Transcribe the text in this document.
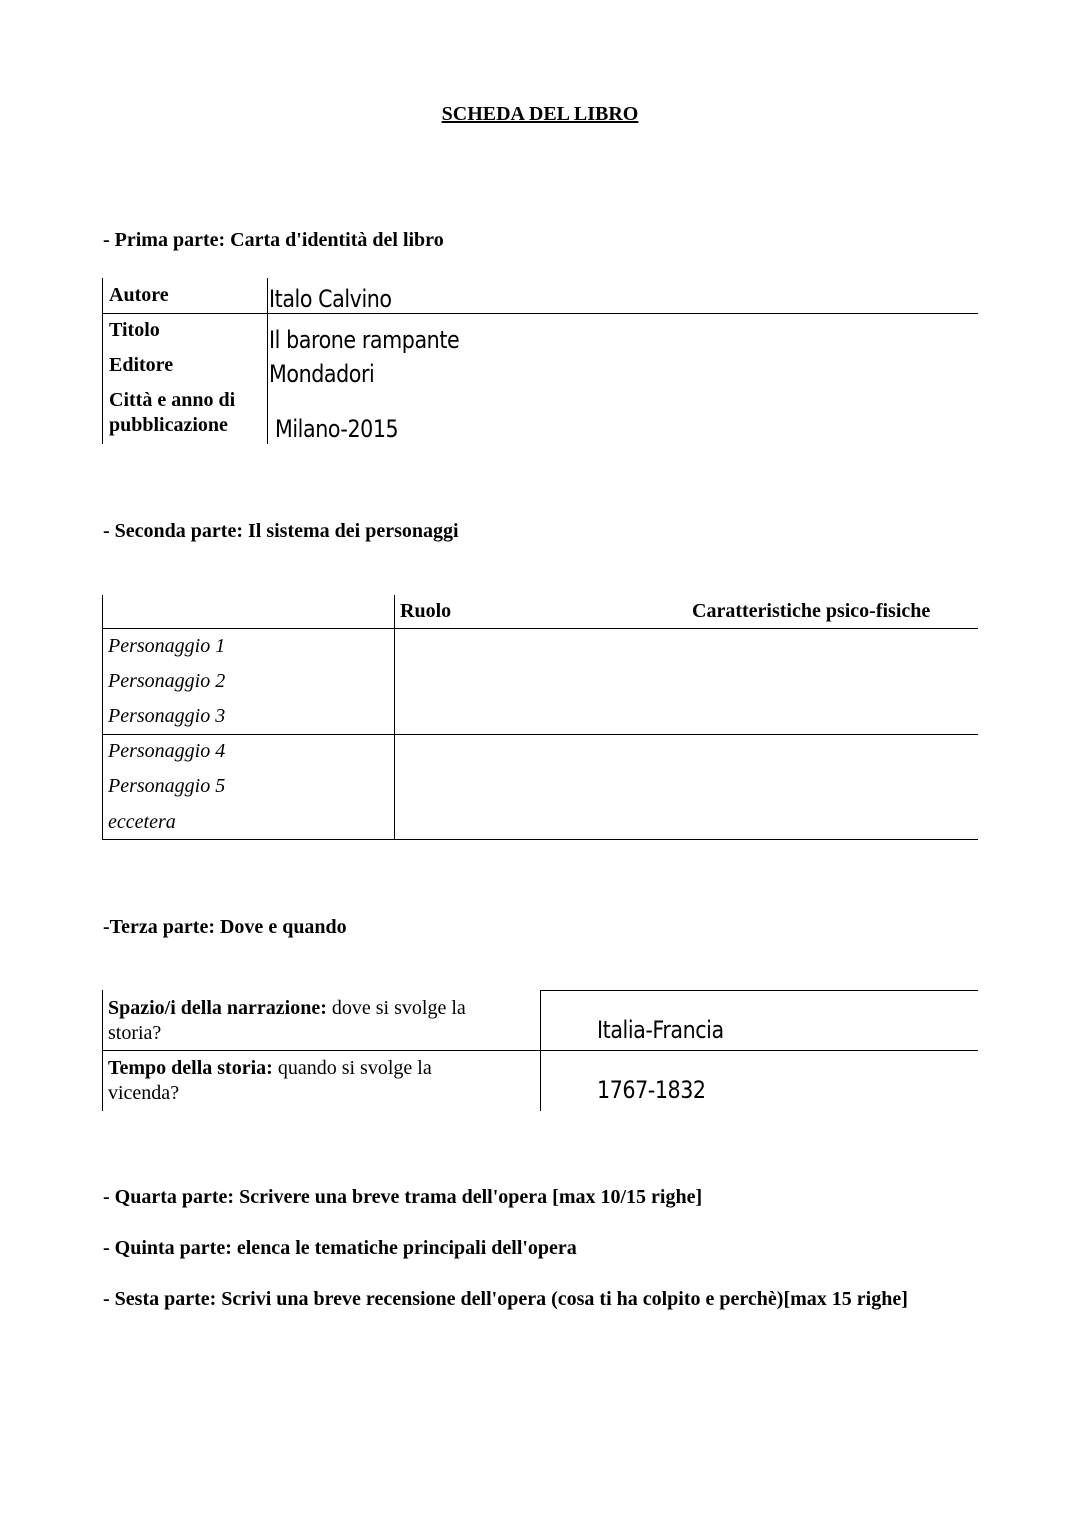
SCHEDA DEL LIBRO
- Prima parte: Carta d'identità del libro
Autore	Italo Calvino
Titolo	Il barone rampante
Editore	Mondadori
Città e anno di
pubblicazione Milano-2015
- Seconda parte: Il sistema dei personaggi
Ruolo	Caratteristiche psico-fisiche
Personaggio 1
Personaggio 2
Personaggio 3
Personaggio 4
Personaggio 5
eccetera
-Terza parte: Dove e quando
Spazio/i della narrazione: dove si svolge la
storia?	Italia-Francia
Tempo della storia: quando si svolge la
vicenda?	1767-1832
- Quarta parte: Scrivere una breve trama dell'opera [max 10/15 righe]
- Quinta parte: elenca le tematiche principali dell'opera
- Sesta parte: Scrivi una breve recensione dell'opera (cosa ti ha colpito e perchè)[max 15 righe]
